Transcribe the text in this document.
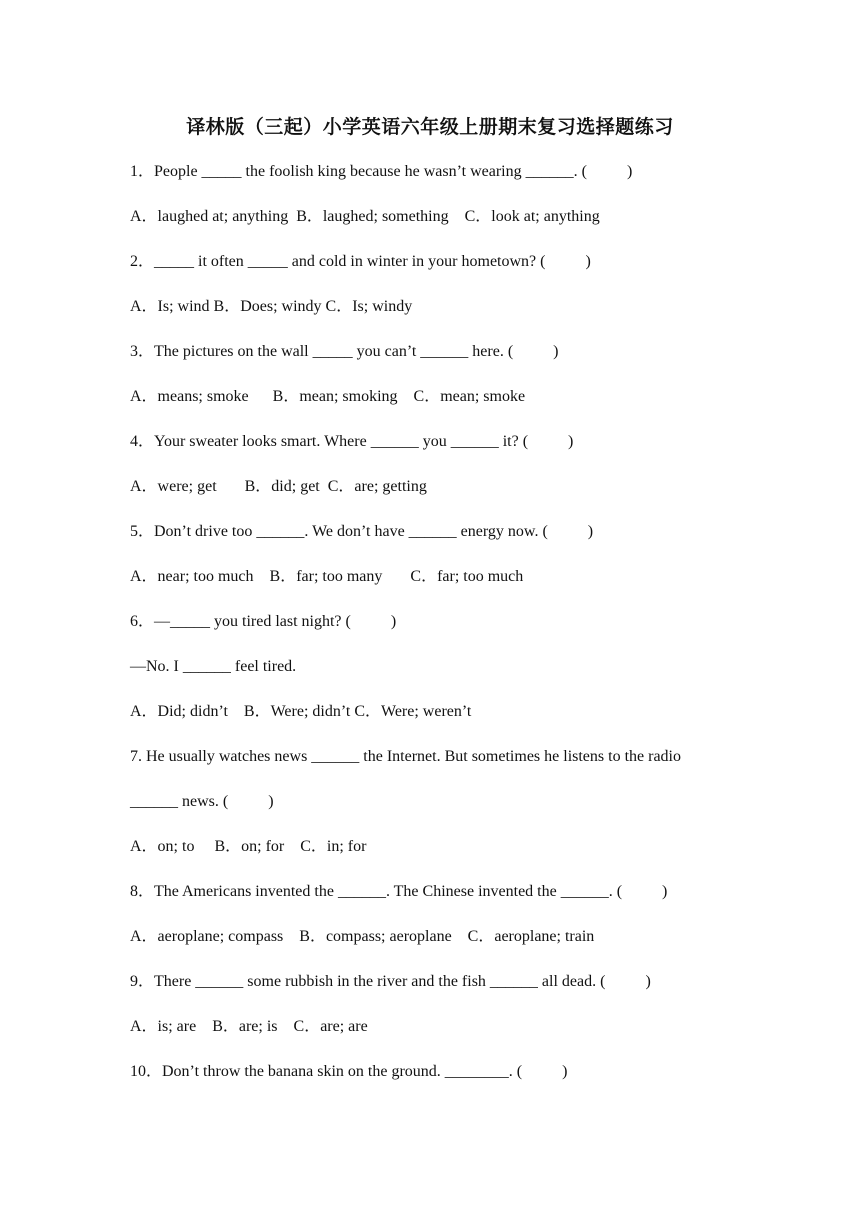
译林版（三起）小学英语六年级上册期末复习选择题练习
1．People _____ the foolish king because he wasn’t wearing ______. (          )
A．laughed at; anything  B．laughed; something    C．look at; anything
2．_____ it often _____ and cold in winter in your hometown? (          )
A．Is; wind B．Does; windy C．Is; windy
3．The pictures on the wall _____ you can’t ______ here. (          )
A．means; smoke      B．mean; smoking    C．mean; smoke
4．Your sweater looks smart. Where ______ you ______ it? (          )
A．were; get       B．did; get  C．are; getting
5．Don’t drive too ______. We don’t have ______ energy now. (          )
A．near; too much    B．far; too many       C．far; too much
6．—_____ you tired last night? (          )
—No. I ______ feel tired.
A．Did; didn’t    B．Were; didn’t C．Were; weren’t
7. He usually watches news ______ the Internet. But sometimes he listens to the radio
______ news. (          )
A．on; to     B．on; for    C．in; for
8．The Americans invented the ______. The Chinese invented the ______. (          )
A．aeroplane; compass    B．compass; aeroplane    C．aeroplane; train
9．There ______ some rubbish in the river and the fish ______ all dead. (          )
A．is; are    B．are; is    C．are; are
10．Don’t throw the banana skin on the ground. ________. (          )
